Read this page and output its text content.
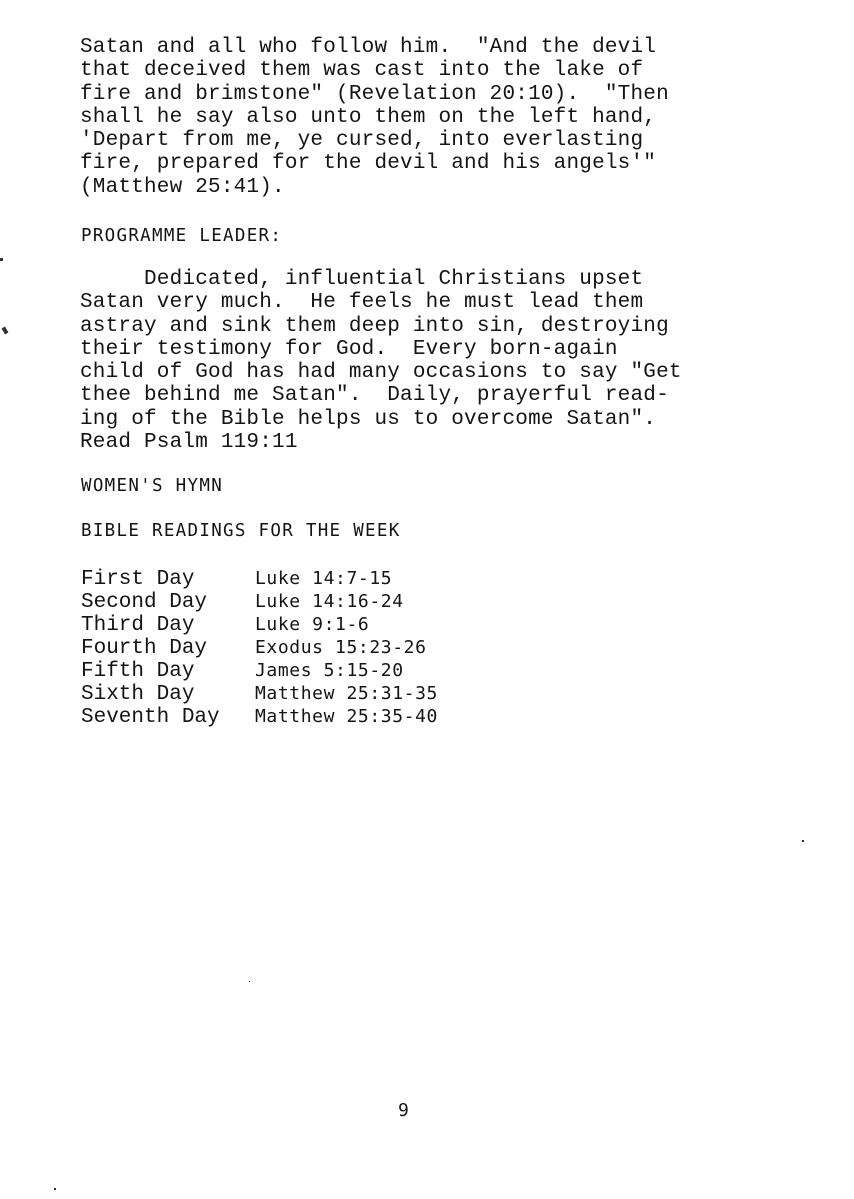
Satan and all who follow him.  "And the devil
that deceived them was cast into the lake of
fire and brimstone" (Revelation 20:10).  "Then
shall he say also unto them on the left hand,
'Depart from me, ye cursed, into everlasting
fire, prepared for the devil and his angels'"
(Matthew 25:41).
PROGRAMME LEADER:
Dedicated, influential Christians upset
Satan very much.  He feels he must lead them
astray and sink them deep into sin, destroying
their testimony for God.  Every born-again
child of God has had many occasions to say "Get
thee behind me Satan".  Daily, prayerful read-
ing of the Bible helps us to overcome Satan".
Read Psalm 119:11
WOMEN'S HYMN
BIBLE READINGS FOR THE WEEK
First Day	Luke 14:7-15
Second Day	Luke 14:16-24
Third Day	Luke 9:1-6
Fourth Day	Exodus 15:23-26
Fifth Day	James 5:15-20
Sixth Day	Matthew 25:31-35
Seventh Day Matthew 25:35-40
9
